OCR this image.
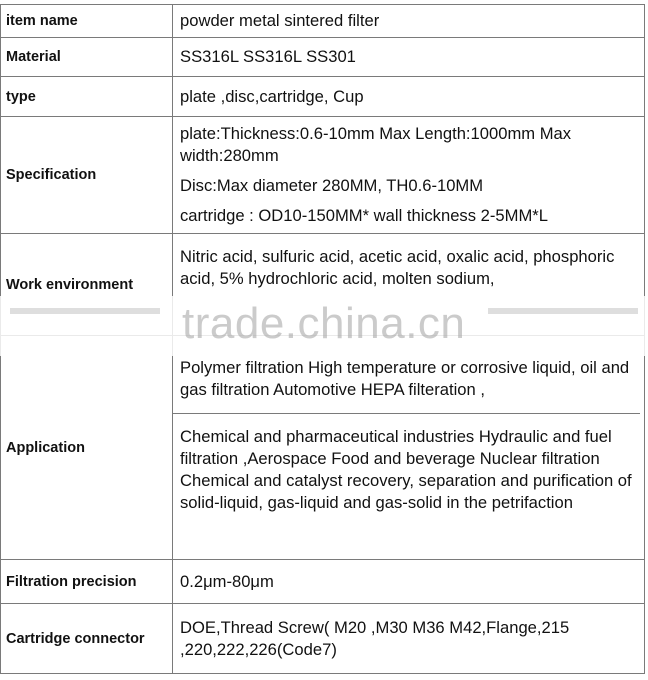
item name	powder metal sintered filter
Material	SS316L SS316L SS301
type	plate ,disc,cartridge, Cup
Specification	plate:Thickness:0.6-10mm Max Length:1000mm Max width:280mm

Disc:Max diameter 280MM, TH0.6-10MM

cartridge : OD10-150MM* wall thickness 2-5MM*L

Work environment	Nitric acid, sulfuric acid, acetic acid, oxalic acid, phosphoric acid, 5% hydrochloric acid, molten sodium,
Application	Polymer filtration High temperature or corrosive liquid, oil and gas filtration Automotive HEPA filteration ,

Chemical and pharmaceutical industries Hydraulic and fuel filtration ,Aerospace Food and beverage Nuclear filtration Chemical and catalyst recovery, separation and purification of solid-liquid, gas-liquid and gas-solid in the petrifaction

Filtration precision	0.2μm-80μm
Cartridge connector	DOE,Thread Screw( M20 ,M30 M36 M42,Flange,215 ,220,222,226(Code7)
trade.china.cn
